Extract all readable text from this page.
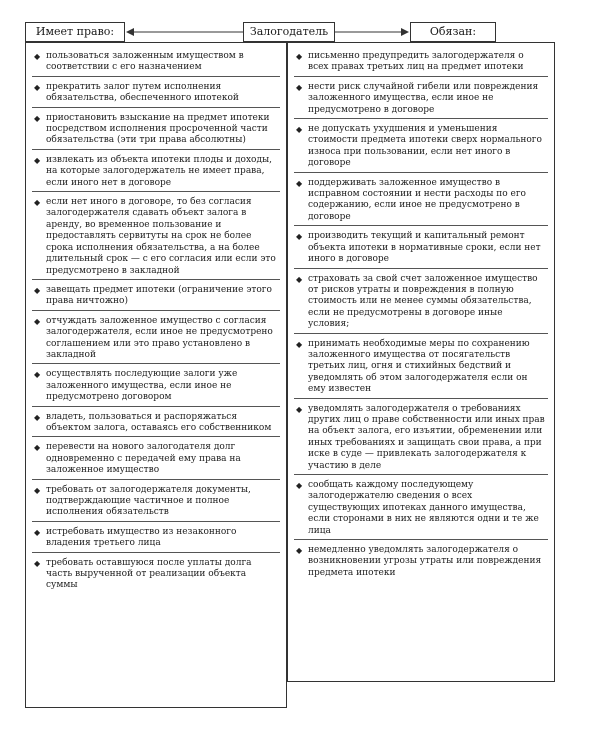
Залогодатель
Имеет право:	Обязан:
◆ пользоваться заложенным имуществом в соответствии с его назначением
◆ прекратить залог путем исполнения обязательства, обеспеченного ипотекой
◆ приостановить взыскание на предмет ипотеки посредством исполнения просроченной части обязательства (эти три права абсолютны)
◆ извлекать из объекта ипотеки плоды и доходы, на которые залогодержатель не имеет права, если иного нет в договоре
◆ если нет иного в договоре, то без согласия залогодержателя сдавать объект залога в аренду, во временное пользование и предоставлять сервитуты на срок не более срока исполнения обязательства, а на более длительный срок — с его согласия или если это предусмотрено в закладной
◆ завещать предмет ипотеки (ограничение этого права ничтожно)
◆ отчуждать заложенное имущество с согласия залогодержателя, если иное не предусмотрено соглашением или это право установлено в закладной
◆ осуществлять последующие залоги уже заложенного имущества, если иное не предусмотрено договором
◆ владеть, пользоваться и распоряжаться объектом залога, оставаясь его собственником
◆ перевести на нового залогодателя долг одновременно с передачей ему права на заложенное имущество
◆ требовать от залогодержателя документы, подтверждающие частичное и полное исполнения обязательств
◆ истребовать имущество из незаконного владения третьего лица
◆ требовать оставшуюся после уплаты долга часть вырученной от реализации объекта суммы
◆ письменно предупредить залогодержателя о всех правах третьих лиц на предмет ипотеки
◆ нести риск случайной гибели или повреждения заложенного имущества, если иное не предусмотрено в договоре
◆ не допускать ухудшения и уменьшения стоимости предмета ипотеки сверх нормального износа при пользовании, если нет иного в договоре
◆ поддерживать заложенное имущество в исправном состоянии и нести расходы по его содержанию, если иное не предусмотрено в договоре
◆ производить текущий и капитальный ремонт объекта ипотеки в нормативные сроки, если нет иного в договоре
◆ страховать за свой счет заложенное имущество от рисков утраты и повреждения в полную стоимость или не менее суммы обязательства, если не предусмотрены в договоре иные условия;
◆ принимать необходимые меры по сохранению заложенного имущества от посягательств третьих лиц, огня и стихийных бедствий и уведомлять об этом залогодержателя если он ему известен
◆ уведомлять залогодержателя о требованиях других лиц о праве собственности или иных прав на объект залога, его изъятии, обременении или иных требованиях и защищать свои права, а при иске в суде — привлекать залогодержателя к участию в деле
◆ сообщать каждому последующему залогодержателю сведения о всех существующих ипотеках данного имущества, если сторонами в них не являются одни и те же лица
◆ немедленно уведомлять залогодержателя о возникновении угрозы утраты или повреждения предмета ипотеки
